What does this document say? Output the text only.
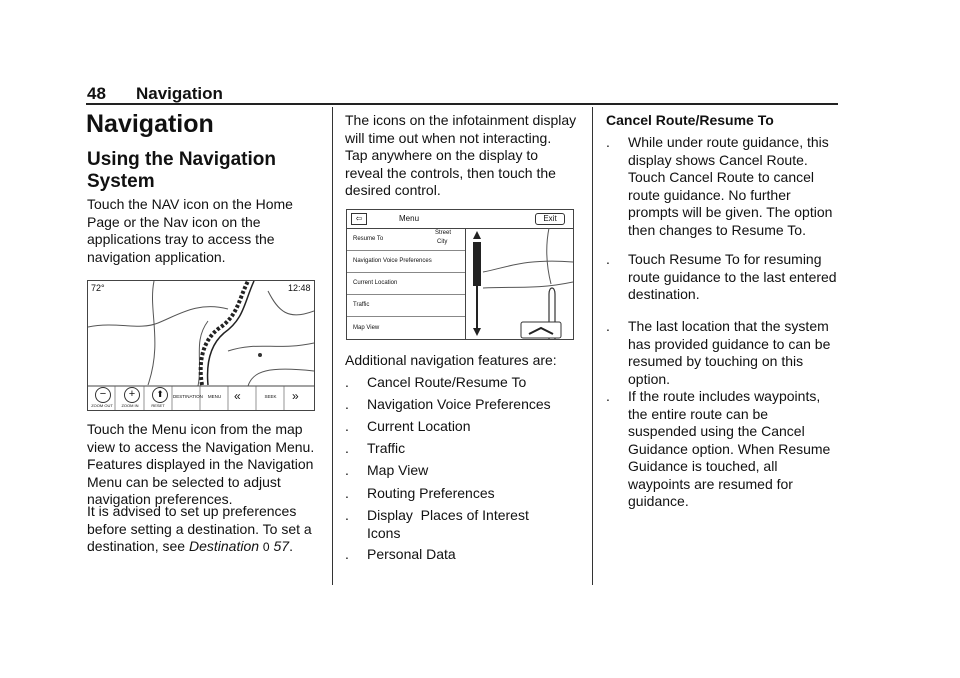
48 Navigation
Navigation
Using the Navigation System

Touch the NAV icon on the Home Page or the Nav icon on the applications tray to access the navigation application.

72°	12:48
−	+	⬆
ZOOM OUT	ZOOM IN	RESET
DESTINATION	MENU	«	SEEK	»

Touch the Menu icon from the map view to access the Navigation Menu. Features displayed in the Navigation Menu can be selected to adjust navigation preferences.

It is advised to set up preferences before setting a destination. To set a destination, see Destination 0 57.

The icons on the infotainment display will time out when not interacting. Tap anywhere on the display to reveal the controls, then touch the desired control.

⇦	Menu	Exit
Resume To
Street
City
Navigation Voice Preferences
Current Location
Traffic
Map View

Additional navigation features are:

. Cancel Route/Resume To
. Navigation Voice Preferences
. Current Location
. Traffic
. Map View
. Routing Preferences
. Display  Places of Interest Icons
. Personal Data

Cancel Route/Resume To

. While under route guidance, this display shows Cancel Route. Touch Cancel Route to cancel route guidance. No further prompts will be given. The option then changes to Resume To.
. Touch Resume To for resuming route guidance to the last entered destination.
. The last location that the system has provided guidance to can be resumed by touching on this option.
. If the route includes waypoints, the entire route can be suspended using the Cancel Guidance option. When Resume Guidance is touched, all waypoints are resumed for guidance.
